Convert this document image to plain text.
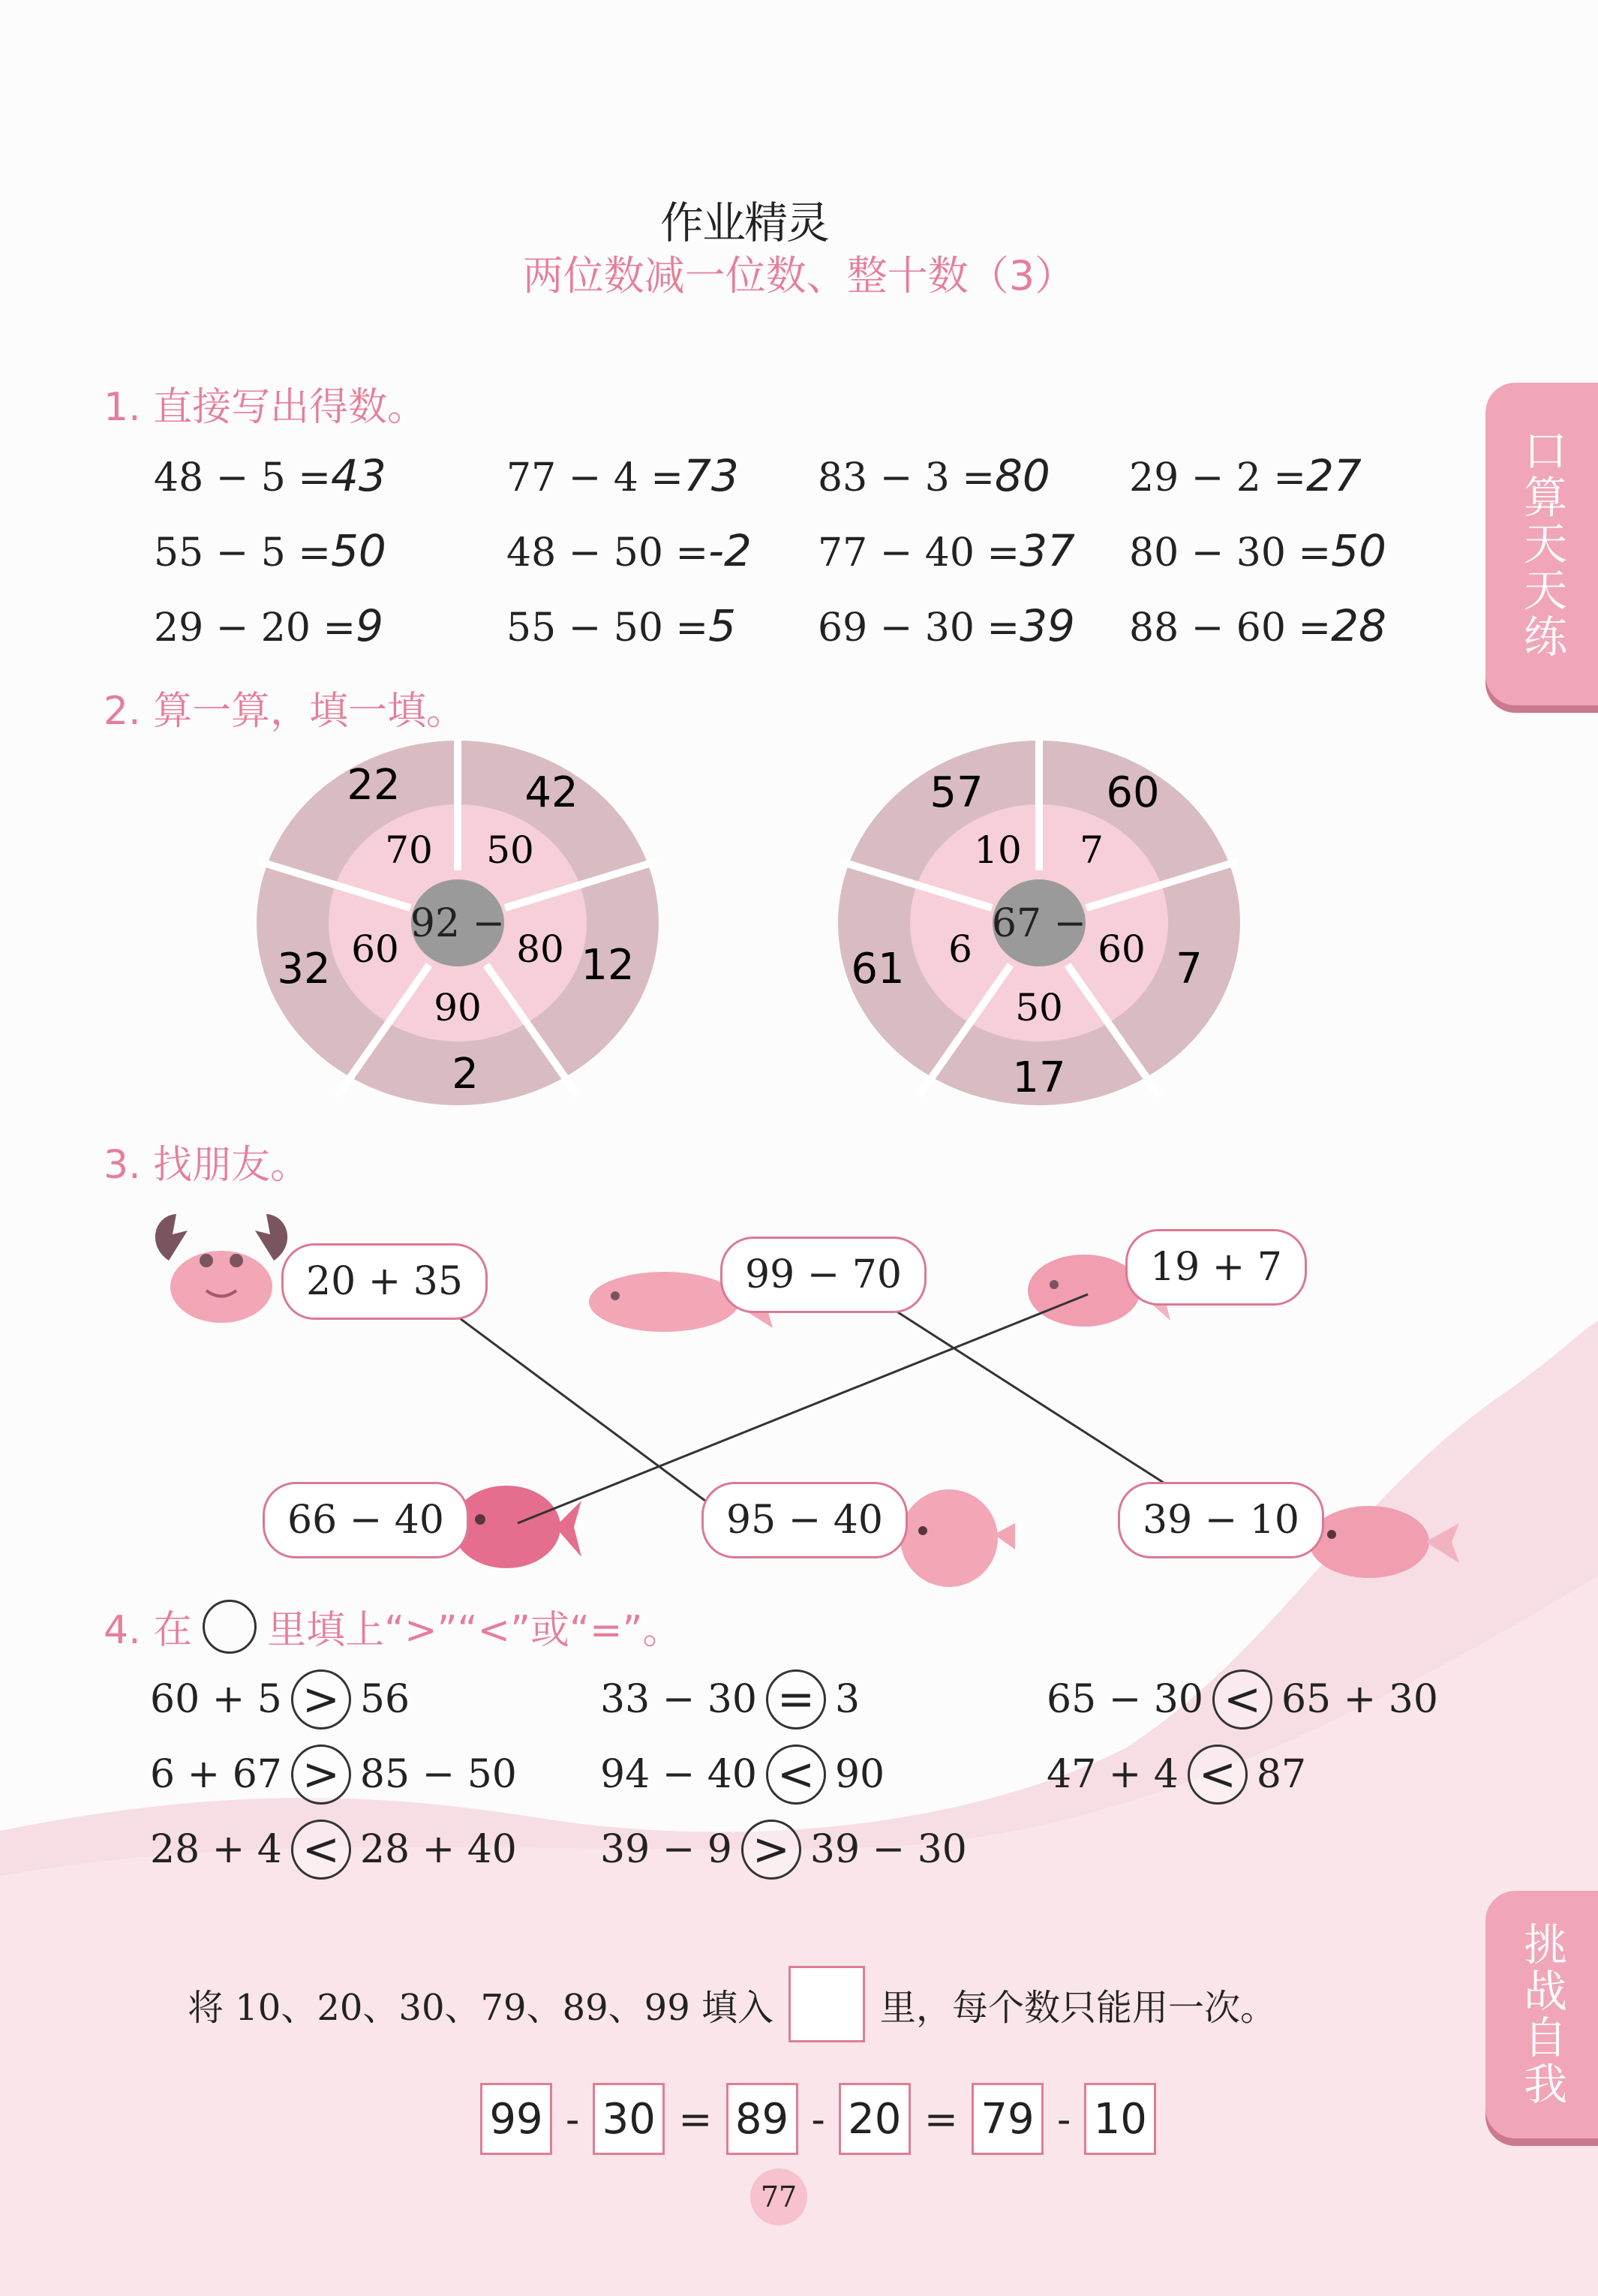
作业精灵
两位数减一位数、整十数（3）
口算天天练
挑战自我
1. 直接写出得数。
48 − 5 =43	77 − 4 =73 83 − 3 =80 29 − 2 =27
55 − 5 =50	48 − 50 =-2 77 − 40 =37 80 − 30 =50
29 − 20 =9	55 − 50 =5 69 − 30 =39 88 − 60 =28
2. 算一算，填一填。
92 −
70 50
80
90
60
22	42
12
2
32
67 −
10 7
60
50
6
57	60
7
17
61
3. 找朋友。
20 + 35	99 − 70	19 + 7
66 − 40	95 − 40	39 − 10
4. 在 里填上“>”“<”或“=”。
60 + 5 > 56	33 − 30 = 3	65 − 30 < 65 + 30
6 + 67 > 85 − 50 94 − 40 < 90	47 + 4 < 87
28 + 4 < 28 + 40 39 − 9 > 39 − 30
将 10、20、30、79、89、99 填入	里，每个数只能用一次。
99 - 30 = 89 - 20 = 79 - 10
77
